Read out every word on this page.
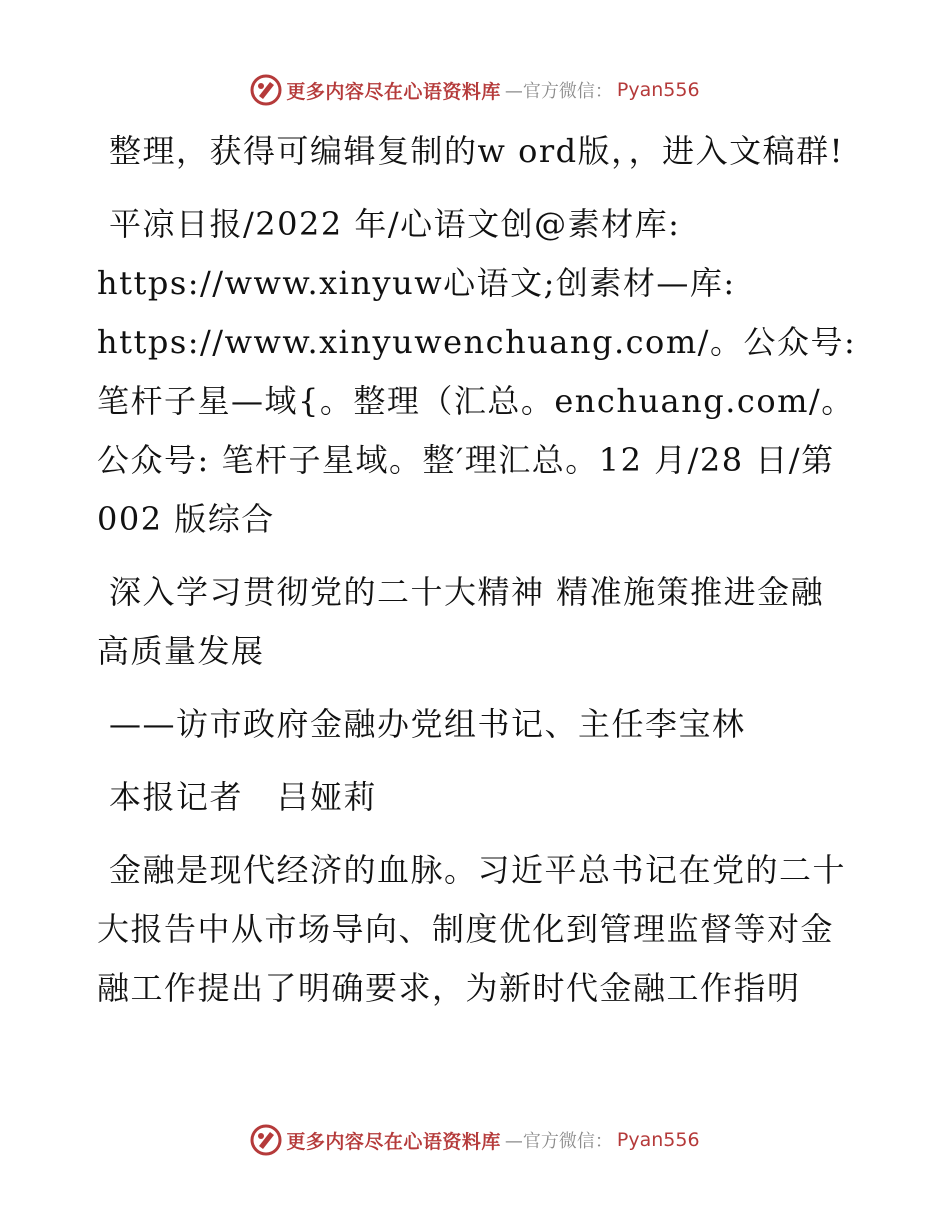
更多内容尽在心语资料库 —官方微信： Pyan556

整理，获得可编辑复制的w ord版，，进入文稿群!

平凉日报/2022 年/心语文创@素材库: https://www.xinyuw心语文;创素材—库: https://www.xinyuwenchuang.com/。公众号: 笔杆子星—域{。整理（汇总。enchuang.com/。公众号: 笔杆子星域。整′理汇总。12 月/28 日/第 002 版综合

深入学习贯彻党的二十大精神 精准施策推进金融高质量发展

——访市政府金融办党组书记、主任李宝林

本报记者　吕娅莉

金融是现代经济的血脉。习近平总书记在党的二十大报告中从市场导向、制度优化到管理监督等对金融工作提出了明确要求，为新时代金融工作指明

更多内容尽在心语资料库 —官方微信： Pyan556
